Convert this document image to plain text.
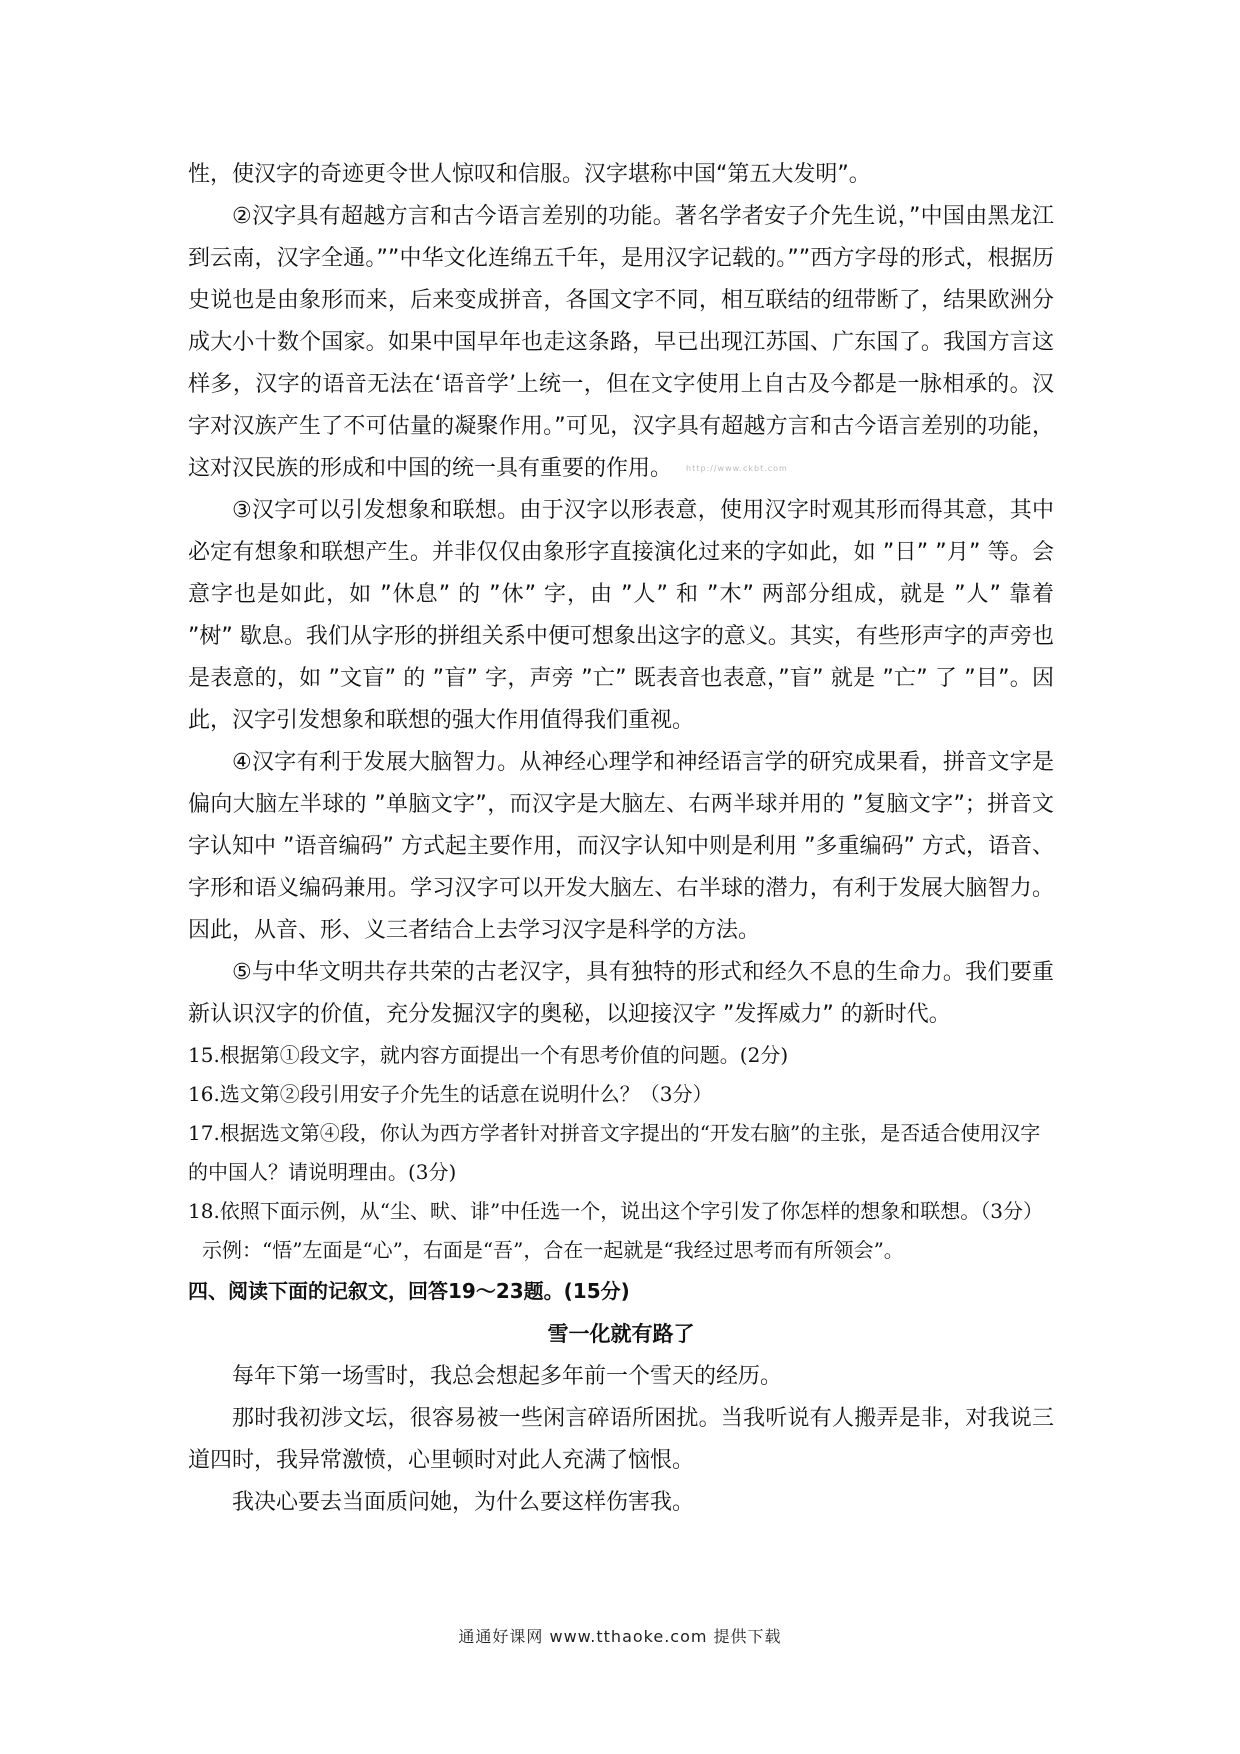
性，使汉字的奇迹更令世人惊叹和信服。汉字堪称中国“第五大发明”。

②汉字具有超越方言和古今语言差别的功能。著名学者安子介先生说，”中国由黑龙江到云南，汉字全通。””中华文化连绵五千年，是用汉字记载的。””西方字母的形式，根据历史说也是由象形而来，后来变成拼音，各国文字不同，相互联结的纽带断了，结果欧洲分成大小十数个国家。如果中国早年也走这条路，早已出现江苏国、广东国了。我国方言这样多，汉字的语音无法在‘语音学’上统一，但在文字使用上自古及今都是一脉相承的。汉字对汉族产生了不可估量的凝聚作用。”可见，汉字具有超越方言和古今语言差别的功能，这对汉民族的形成和中国的统一具有重要的作用。 http://www.ckbt.com

③汉字可以引发想象和联想。由于汉字以形表意，使用汉字时观其形而得其意，其中必定有想象和联想产生。并非仅仅由象形字直接演化过来的字如此，如 ”日” ”月” 等。会意字也是如此，如 ”休息” 的 ”休” 字，由 ”人” 和 ”木” 两部分组成，就是 ”人” 靠着 ”树” 歇息。我们从字形的拼组关系中便可想象出这字的意义。其实，有些形声字的声旁也是表意的，如 ”文盲” 的 ”盲” 字，声旁 ”亡” 既表音也表意，”盲” 就是 ”亡” 了 ”目”。因此，汉字引发想象和联想的强大作用值得我们重视。

④汉字有利于发展大脑智力。从神经心理学和神经语言学的研究成果看，拼音文字是偏向大脑左半球的 ”单脑文字”，而汉字是大脑左、右两半球并用的 ”复脑文字”；拼音文字认知中 ”语音编码” 方式起主要作用，而汉字认知中则是利用 ”多重编码” 方式，语音、字形和语义编码兼用。学习汉字可以开发大脑左、右半球的潜力，有利于发展大脑智力。因此，从音、形、义三者结合上去学习汉字是科学的方法。

⑤与中华文明共存共荣的古老汉字，具有独特的形式和经久不息的生命力。我们要重新认识汉字的价值，充分发掘汉字的奥秘，以迎接汉字 ”发挥威力” 的新时代。

15.根据第①段文字，就内容方面提出一个有思考价值的问题。(2分)

16.选文第②段引用安子介先生的话意在说明什么？（3分）

17.根据选文第④段，你认为西方学者针对拼音文字提出的“开发右脑”的主张，是否适合使用汉字的中国人？请说明理由。(3分)

18.依照下面示例，从“尘、畎、诽”中任选一个，说出这个字引发了你怎样的想象和联想。（3分）

示例：“悟”左面是“心”，右面是“吾”，合在一起就是“我经过思考而有所领会”。

四、阅读下面的记叙文，回答19～23题。(15分)

雪一化就有路了

每年下第一场雪时，我总会想起多年前一个雪天的经历。

那时我初涉文坛，很容易被一些闲言碎语所困扰。当我听说有人搬弄是非，对我说三道四时，我异常激愤，心里顿时对此人充满了恼恨。

我决心要去当面质问她，为什么要这样伤害我。

通通好课网 www.tthaoke.com 提供下载
